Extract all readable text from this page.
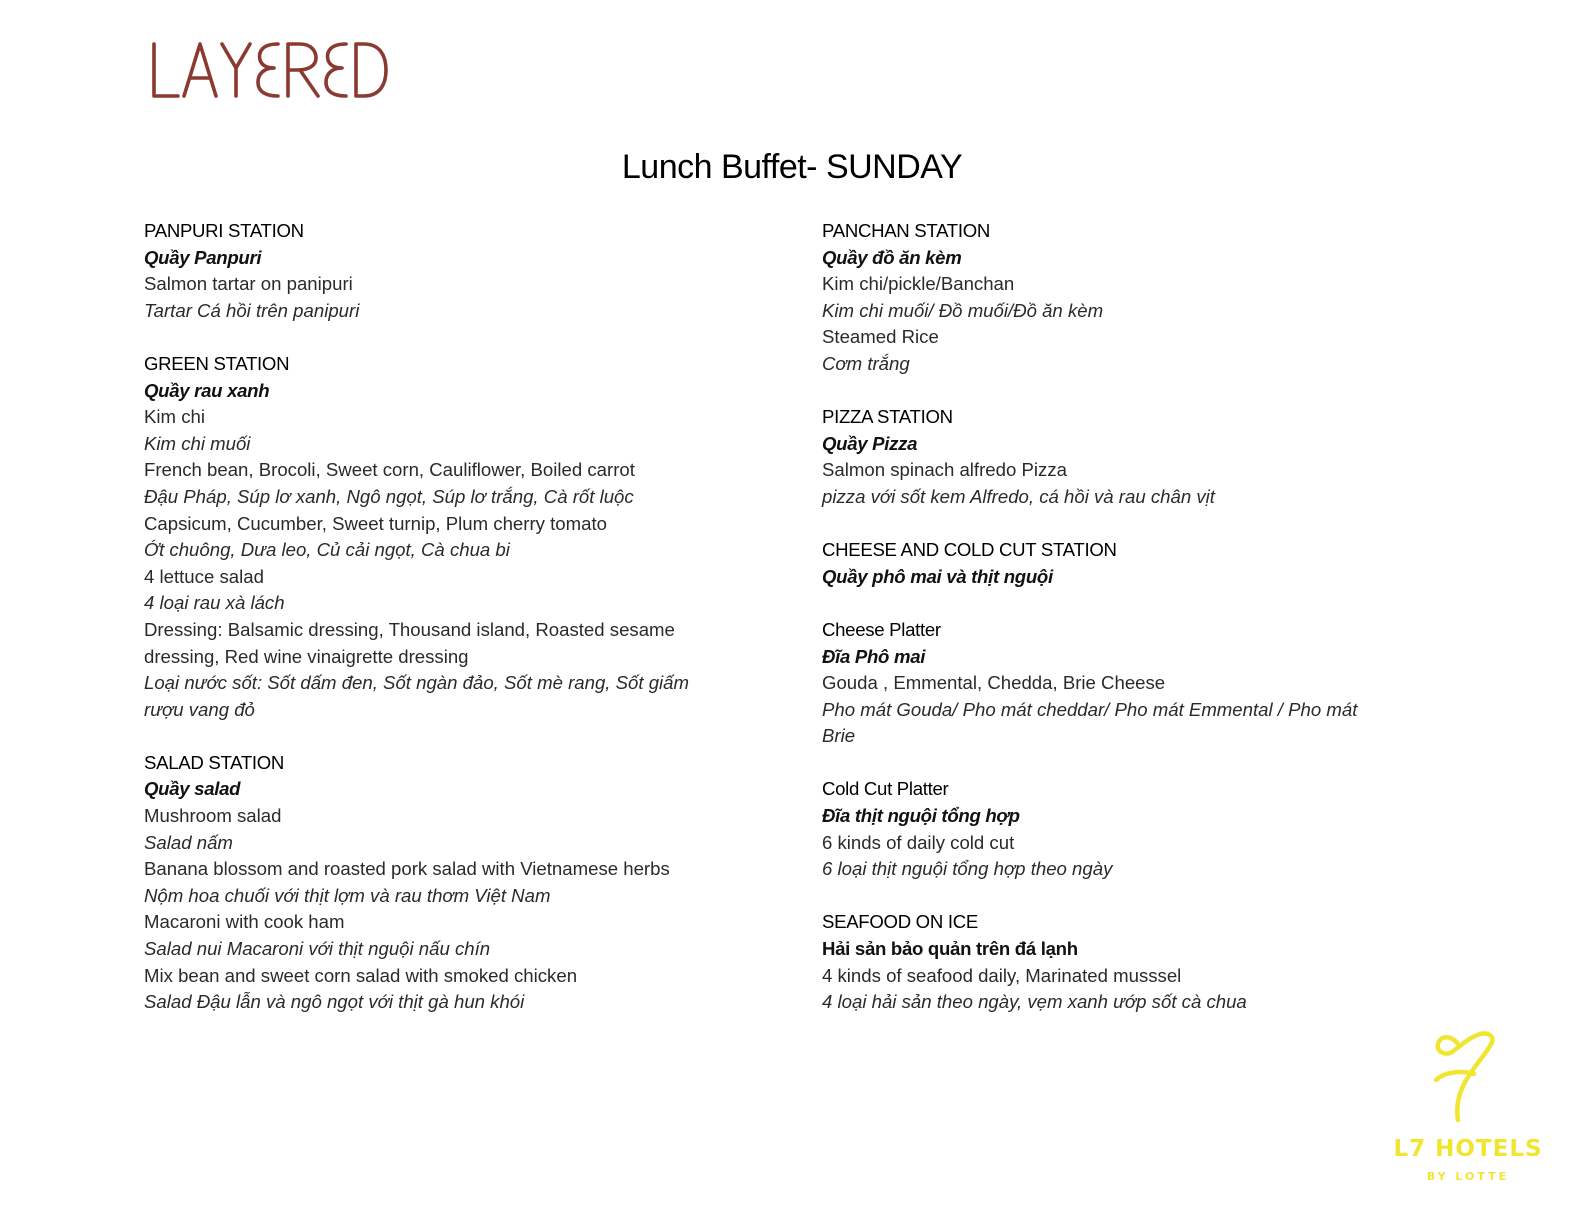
Lunch Buffet- SUNDAY
PANPURI STATION
Quầy Panpuri
Salmon tartar on panipuri
Tartar Cá hồi trên panipuri
GREEN STATION
Quầy rau xanh
Kim chi
Kim chi muối
French bean, Brocoli, Sweet corn, Cauliflower, Boiled carrot
Đậu Pháp, Súp lơ xanh, Ngô ngọt, Súp lơ trắng, Cà rốt luộc
Capsicum, Cucumber, Sweet turnip, Plum cherry tomato
Ớt chuông, Dưa leo, Củ cải ngọt, Cà chua bi
4 lettuce salad
4 loại rau xà lách
Dressing: Balsamic dressing, Thousand island, Roasted sesame
dressing, Red wine vinaigrette dressing
Loại nước sốt: Sốt dấm đen, Sốt ngàn đảo, Sốt mè rang, Sốt giấm
rượu vang đỏ
SALAD STATION
Quầy salad
Mushroom salad
Salad nấm
Banana blossom and roasted pork salad with Vietnamese herbs
Nộm hoa chuối với thịt lợm và rau thơm Việt Nam
Macaroni with cook ham
Salad nui Macaroni với thịt nguội nấu chín
Mix bean and sweet corn salad with smoked chicken
Salad Đậu lẫn và ngô ngọt với thịt gà hun khói
PANCHAN STATION
Quầy đồ ăn kèm
Kim chi/pickle/Banchan
Kim chi muối/ Đồ muối/Đồ ăn kèm
Steamed Rice
Cơm trắng
PIZZA STATION
Quầy Pizza
Salmon spinach alfredo Pizza
pizza với sốt kem Alfredo, cá hồi và rau chân vịt
CHEESE AND COLD CUT STATION
Quầy phô mai và thịt nguội
Cheese Platter
Đĩa Phô mai
Gouda , Emmental, Chedda, Brie Cheese
Pho mát Gouda/ Pho mát cheddar/ Pho mát Emmental / Pho mát
Brie
Cold Cut Platter
Đĩa thịt nguội tổng hợp
6 kinds of daily cold cut
6 loại thịt nguội tổng hợp theo ngày
SEAFOOD ON ICE
Hải sản bảo quản trên đá lạnh
4 kinds of seafood daily, Marinated musssel
4 loại hải sản theo ngày, vẹm xanh ướp sốt cà chua
L7 HOTELS
BY LOTTE
